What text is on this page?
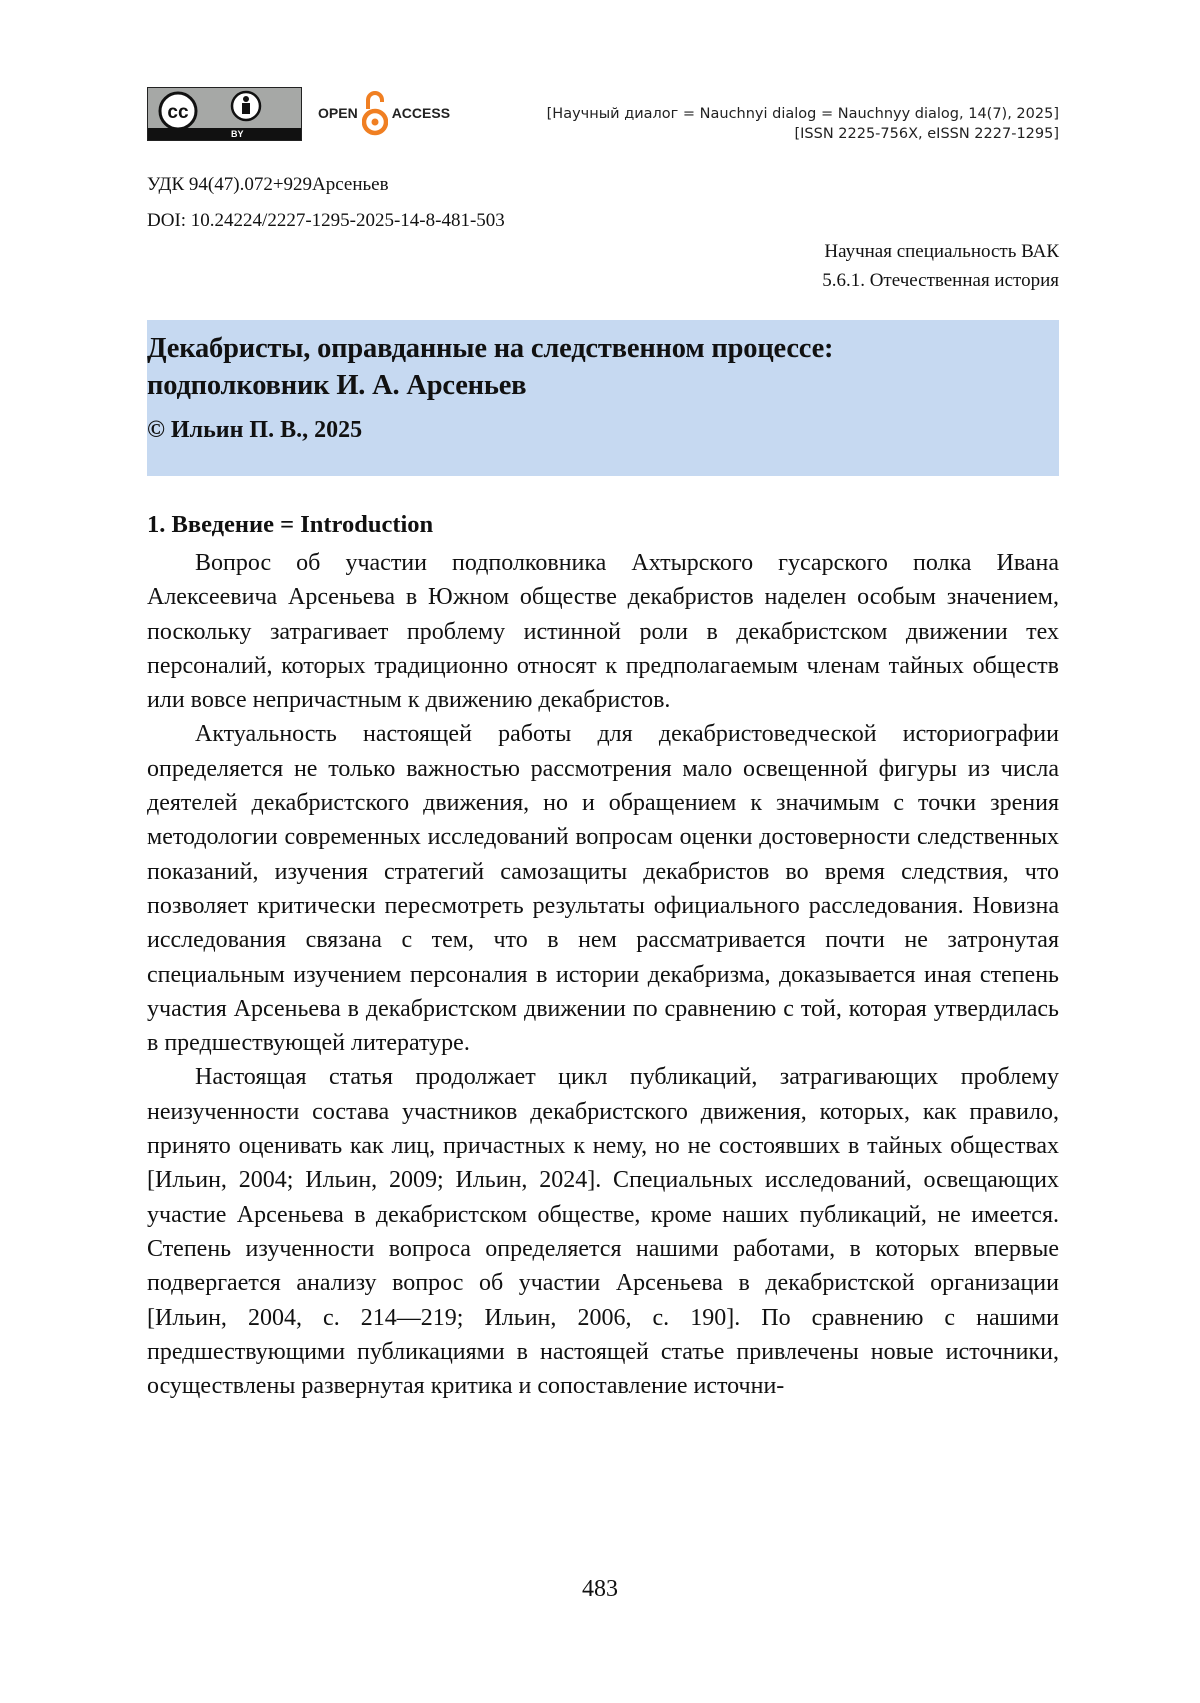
cc
BY
OPEN ACCESS	[Научный диалог = Nauchnyi dialog = Nauchnyy dialog, 14(7), 2025]
[ISSN 2225-756X, eISSN 2227-1295]
УДК 94(47).072+929Арсеньев
DOI: 10.24224/2227-1295-2025-14-8-481-503
Научная специальность ВАК
5.6.1. Отечественная история
Декабристы, оправданные на следственном процессе:
подполковник И. А. Арсеньев
© Ильин П. В., 2025
1. Введение = Introduction

Вопрос об участии подполковника Ахтырского гусарского полка Ивана Алексеевича Арсеньева в Южном обществе декабристов наделен особым значением, поскольку затрагивает проблему истинной роли в декабристском движении тех персоналий, которых традиционно относят к предполагаемым членам тайных обществ или вовсе непричастным к движению декабристов.

Актуальность настоящей работы для декабристоведческой историографии определяется не только важностью рассмотрения мало освещенной фигуры из числа деятелей декабристского движения, но и обращением к значимым с точки зрения методологии современных исследований вопросам оценки достоверности следственных показаний, изучения стратегий самозащиты декабристов во время следствия, что позволяет критически пересмотреть результаты официального расследования. Новизна исследования связана с тем, что в нем рассматривается почти не затронутая специальным изучением персоналия в истории декабризма, доказывается иная степень участия Арсеньева в декабристском движении по сравнению с той, которая утвердилась в предшествующей литературе.

Настоящая статья продолжает цикл публикаций, затрагивающих проблему неизученности состава участников декабристского движения, которых, как правило, принято оценивать как лиц, причастных к нему, но не состоявших в тайных обществах [Ильин, 2004; Ильин, 2009; Ильин, 2024]. Специальных исследований, освещающих участие Арсеньева в декабристском обществе, кроме наших публикаций, не имеется. Степень изученности вопроса определяется нашими работами, в которых впервые подвергается анализу вопрос об участии Арсеньева в декабристской организации [Ильин, 2004, с. 214—219; Ильин, 2006, с. 190]. По сравнению с нашими предшествующими публикациями в настоящей статье привлечены новые источники, осуществлены развернутая критика и сопоставление источни-

483
